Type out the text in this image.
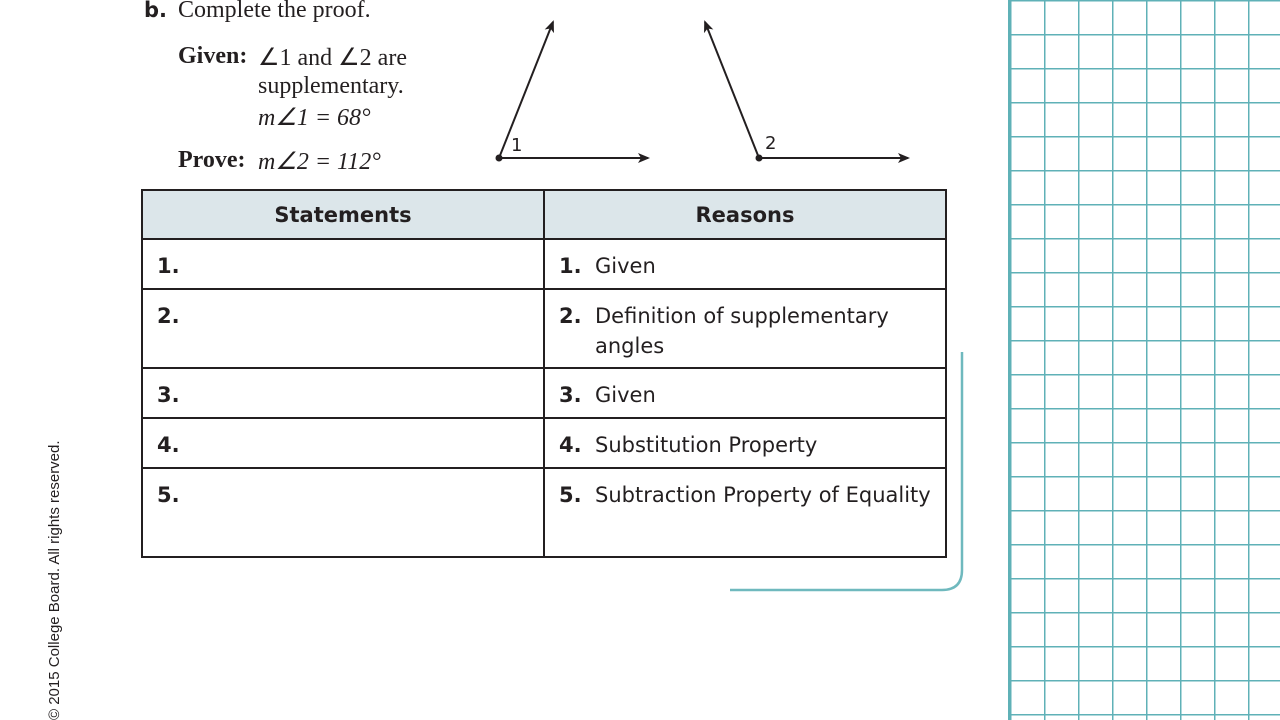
© 2015 College Board. All rights reserved.
b. Complete the proof.
Given: ∠1 and ∠2 are
supplementary.
m∠1 = 68°
Prove: m∠2 = 112°
1	2
Statements	Reasons

1.	1. Given

2.	2. Definition of supplementary angles

3.	3. Given

4.	4. Substitution Property

5.	5. Subtraction Property of Equality
